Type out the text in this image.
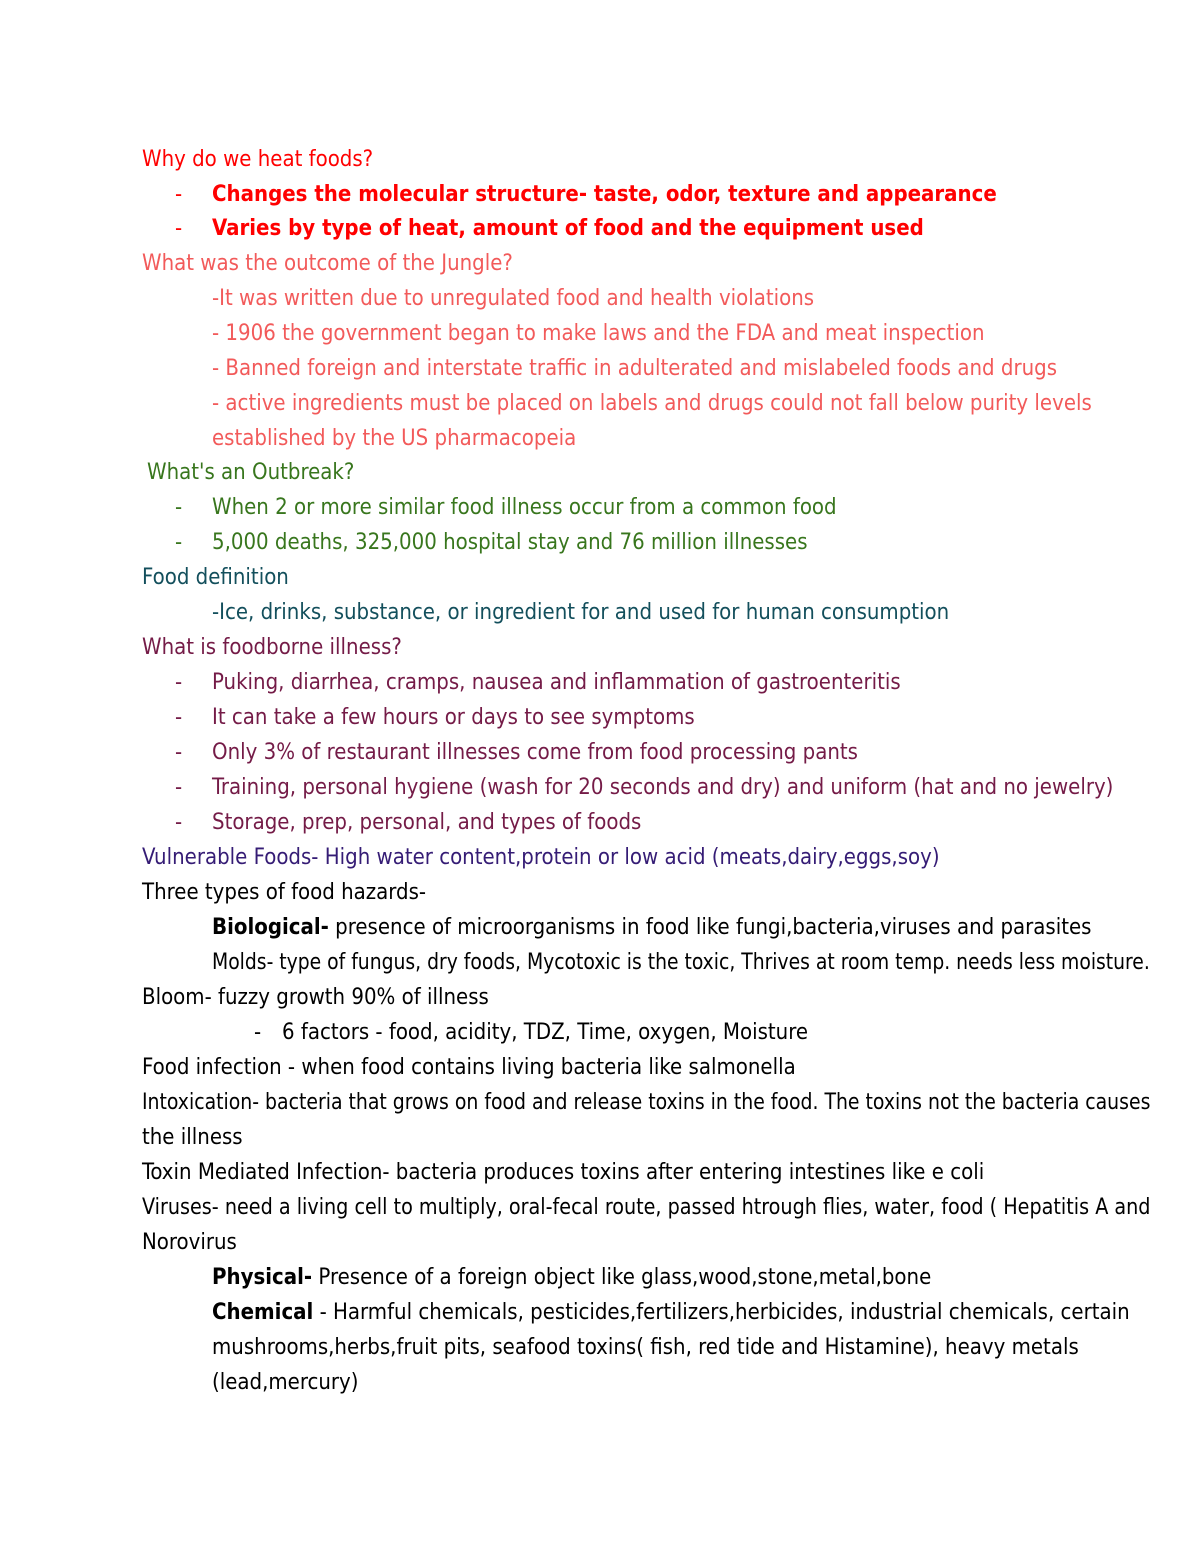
Why do we heat foods?
- Changes the molecular structure- taste, odor, texture and appearance
- Varies by type of heat, amount of food and the equipment used
What was the outcome of the Jungle?
-It was written due to unregulated food and health violations
- 1906 the government began to make laws and the FDA and meat inspection
- Banned foreign and interstate traffic in adulterated and mislabeled foods and drugs
- active ingredients must be placed on labels and drugs could not fall below purity levels
established by the US pharmacopeia
What's an Outbreak?
- When 2 or more similar food illness occur from a common food
- 5,000 deaths, 325,000 hospital stay and 76 million illnesses
Food definition
-Ice, drinks, substance, or ingredient for and used for human consumption
What is foodborne illness?
- Puking, diarrhea, cramps, nausea and inflammation of gastroenteritis
- It can take a few hours or days to see symptoms
- Only 3% of restaurant illnesses come from food processing pants
- Training, personal hygiene (wash for 20 seconds and dry) and uniform (hat and no jewelry)
- Storage, prep, personal, and types of foods
Vulnerable Foods- High water content,protein or low acid (meats,dairy,eggs,soy)
Three types of food hazards-
Biological- presence of microorganisms in food like fungi,bacteria,viruses and parasites
Molds- type of fungus, dry foods, Mycotoxic is the toxic, Thrives at room temp. needs less moisture.
Bloom- fuzzy growth 90% of illness
- 6 factors - food, acidity, TDZ, Time, oxygen, Moisture
Food infection - when food contains living bacteria like salmonella
Intoxication- bacteria that grows on food and release toxins in the food. The toxins not the bacteria causes
the illness
Toxin Mediated Infection- bacteria produces toxins after entering intestines like e coli
Viruses- need a living cell to multiply, oral-fecal route, passed htrough flies, water, food ( Hepatitis A and
Norovirus
Physical- Presence of a foreign object like glass,wood,stone,metal,bone
Chemical - Harmful chemicals, pesticides,fertilizers,herbicides, industrial chemicals, certain
mushrooms,herbs,fruit pits, seafood toxins( fish, red tide and Histamine), heavy metals
(lead,mercury)
